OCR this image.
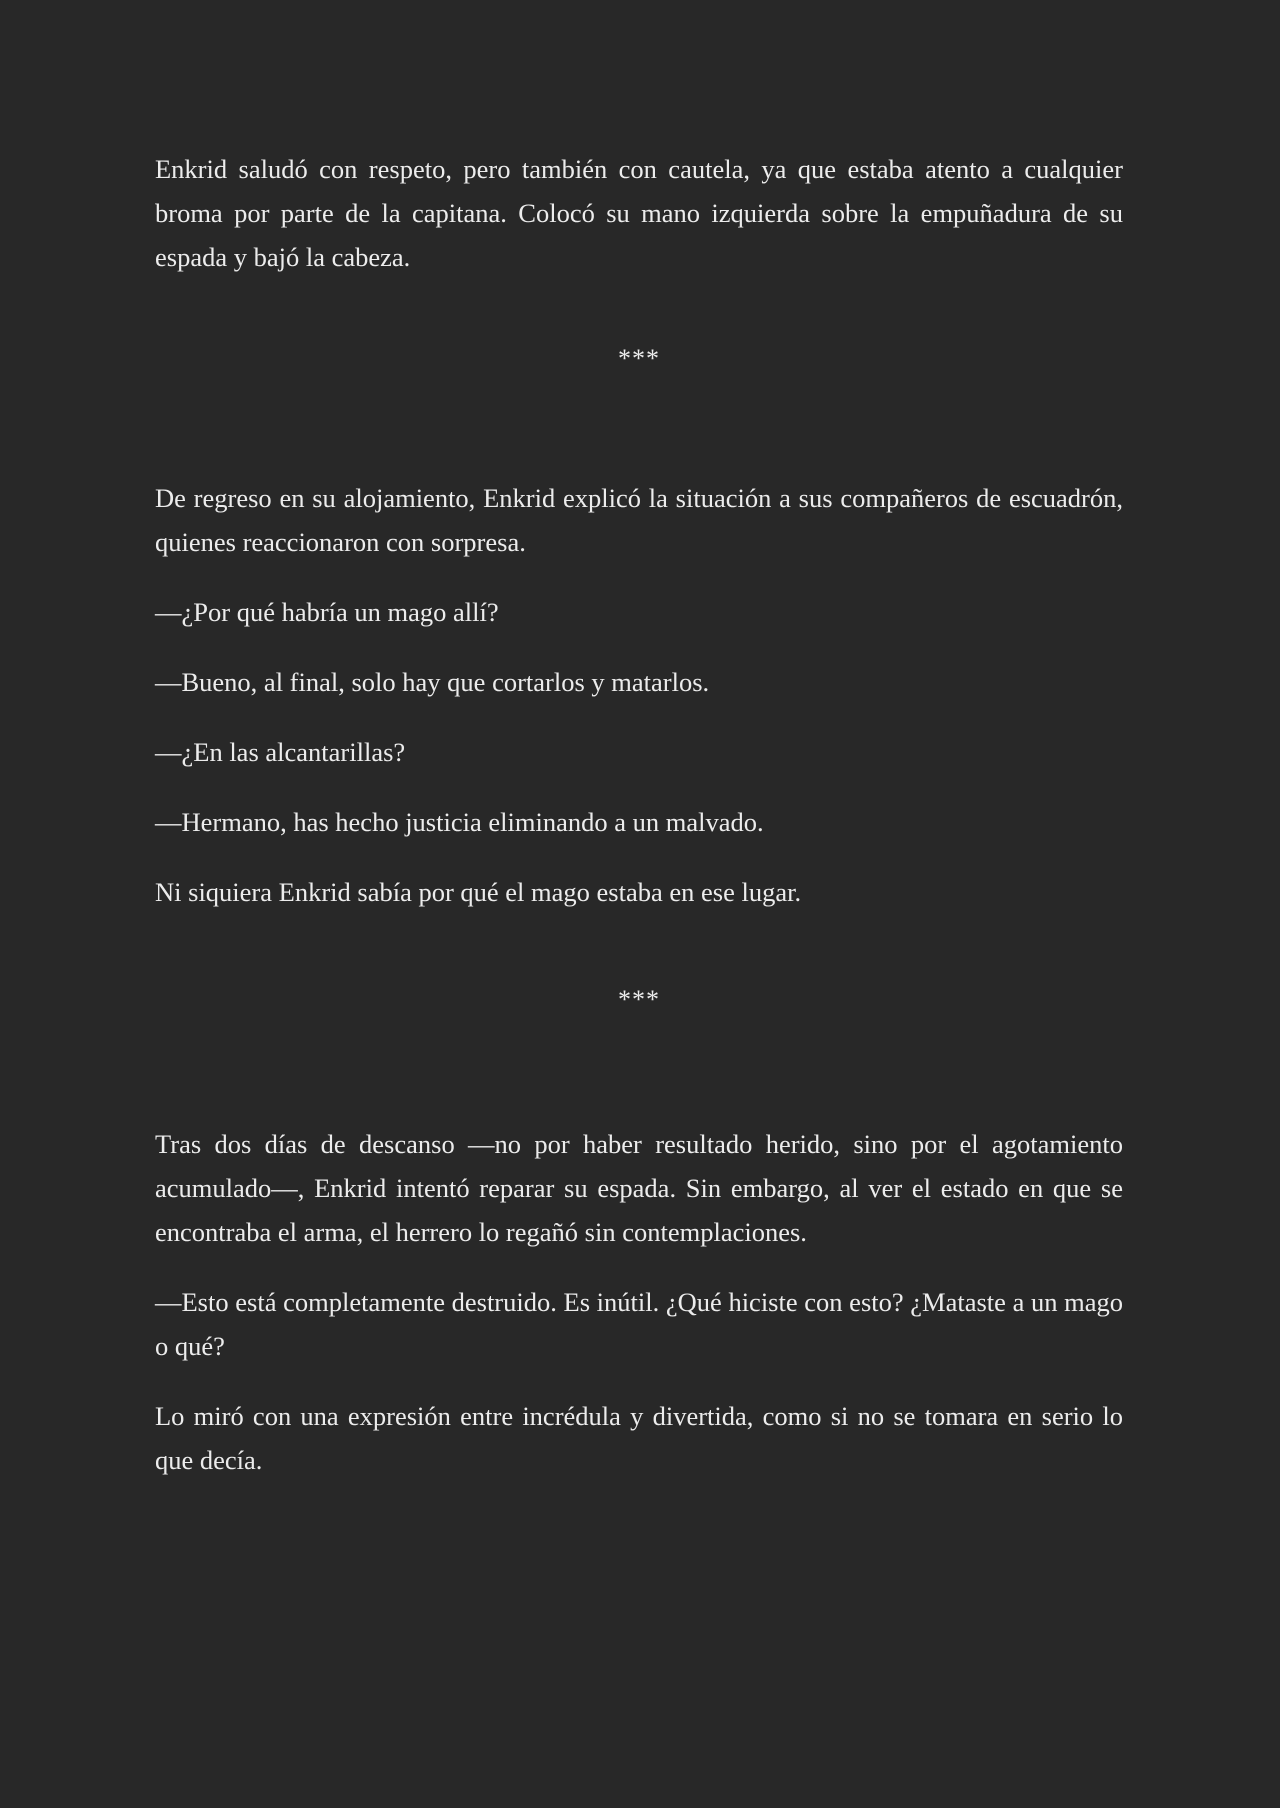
Enkrid saludó con respeto, pero también con cautela, ya que estaba atento a cualquier broma por parte de la capitana. Colocó su mano izquierda sobre la empuñadura de su espada y bajó la cabeza.

***

De regreso en su alojamiento, Enkrid explicó la situación a sus compañeros de escuadrón, quienes reaccionaron con sorpresa.

—¿Por qué habría un mago allí?

—Bueno, al final, solo hay que cortarlos y matarlos.

—¿En las alcantarillas?

—Hermano, has hecho justicia eliminando a un malvado.

Ni siquiera Enkrid sabía por qué el mago estaba en ese lugar.

***

Tras dos días de descanso —no por haber resultado herido, sino por el agotamiento acumulado—, Enkrid intentó reparar su espada. Sin embargo, al ver el estado en que se encontraba el arma, el herrero lo regañó sin contemplaciones.

—Esto está completamente destruido. Es inútil. ¿Qué hiciste con esto? ¿Mataste a un mago o qué?

Lo miró con una expresión entre incrédula y divertida, como si no se tomara en serio lo que decía.
